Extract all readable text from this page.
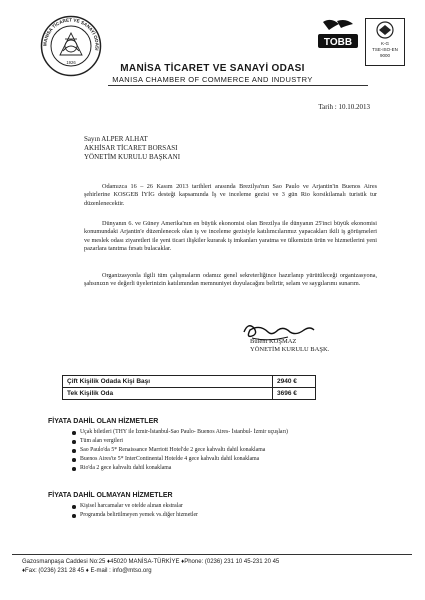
MANİSA TİCARET VE SANAYİ ODASI
1926
TOBB	K-G
TSE-ISO-EN
9000
MANİSA TİCARET VE SANAYİ ODASI
MANISA CHAMBER OF COMMERCE AND INDUSTRY
Tarih : 10.10.2013
Sayın ALPER ALHAT
AKHİSAR TİCARET BORSASI
YÖNETİM KURULU BAŞKANI
Odamızca 16 – 26 Kasım 2013 tarihleri arasında Brezilya'nın Sao Paulo ve Arjantin'in Buenos Aires şehirlerine KOSGEB İYİG desteği kapsamında İş ve inceleme gezisi ve 3 gün Rio korsikilamalı turistik tur düzenlenecektir.
Dünyanın 6. ve Güney Amerika'nın en büyük ekonomisi olan Brezilya ile dünyanın 25'inci büyük ekonomisi konumundaki Arjantin'e düzenlenecek olan iş ve inceleme gezisiyle katılımcılarımız yapacakları ikili iş görüşmeleri ve meslek odası ziyaretleri ile yeni ticari ilişkiler kurarak iş imkanları yaratma ve ülkemizin ürün ve hizmetlerini yeni pazarlara tanıtma fırsatı bulacaklar.
Organizasyonla ilgili tüm çalışmaların odamız genel sekreterliğince hazırlanıp yürütüleceği organizasyona, şahsınızın ve değerli üyelerinizin katılımından memnuniyet duyulacağını belirtir, selam ve saygılarımı sunarım.
Bülent KOŞMAZ
YÖNETİM KURULU BAŞK.
Çift Kişilik Odada Kişi Başı	2940 €
Tek Kişilik Oda	3696 €
FİYATA DAHİL OLAN HİZMETLER
Uçak biletleri (THY ile İzmir-İstanbul-Sao Paulo- Buenos Aires- İstanbul- İzmir uçuşları)
Tüm alan vergileri
Sao Paulo'da 5* Renaissance Marriott Hotel'de 2 gece kahvaltı dahil konaklama
Buenos Aires'te 5* InterContinental Hotelde 4 gece kahvaltı dahil konaklama
Rio'da 2 gece kahvaltı dahil konaklama
FİYATA DAHİL OLMAYAN HİZMETLER
Kişisel harcamalar ve otelde alınan ekstralar
Programda belirtilmeyen yemek vs.diğer hizmetler
Gazosmanpaşa Caddesi No:25 ♦45020 MANİSA-TÜRKİYE ♦Phone: (0236) 231 10 45-231 20 45
♦Fax: (0236) 231 28 45 ♦ E-mail : info@mtso.org
